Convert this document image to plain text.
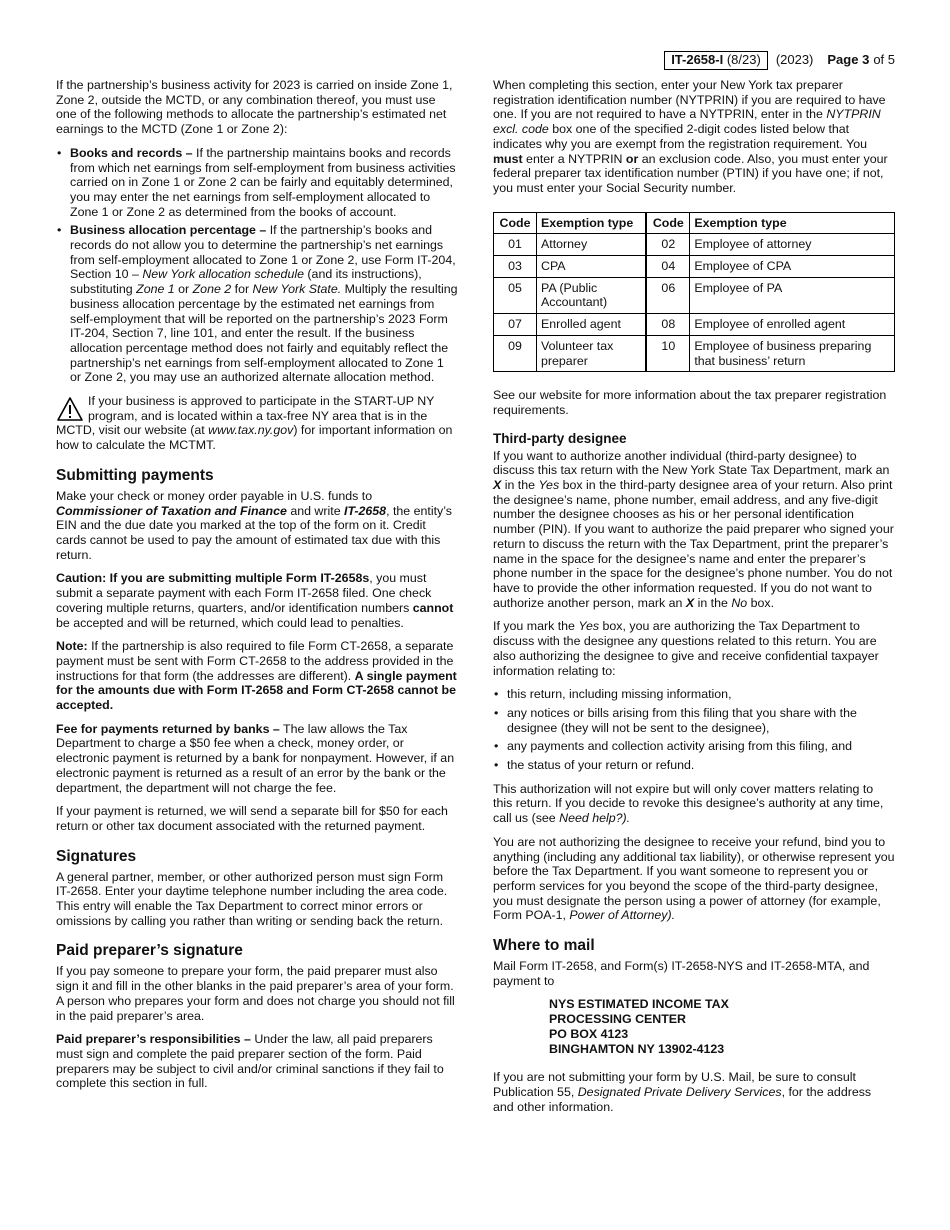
IT-2658-I (8/23)	(2023) Page 3 of 5

If the partnership’s business activity for 2023 is carried on inside Zone 1, Zone 2, outside the MCTD, or any combination thereof, you must use one of the following methods to allocate the partnership’s estimated net earnings to the MCTD (Zone 1 or Zone 2):

• Books and records – If the partnership maintains books and records from which net earnings from self-employment from business activities carried on in Zone 1 or Zone 2 can be fairly and equitably determined, you may enter the net earnings from self-employment allocated to Zone 1 or Zone 2 as determined from the books of account.
• Business allocation percentage – If the partnership’s books and records do not allow you to determine the partnership’s net earnings from self-employment allocated to Zone 1 or Zone 2, use Form IT-204, Section 10 – New York allocation schedule (and its instructions), substituting Zone 1 or Zone 2 for New York State. Multiply the resulting business allocation percentage by the estimated net earnings from self-employment that will be reported on the partnership’s 2023 Form IT-204, Section 7, line 101, and enter the result. If the business allocation percentage method does not fairly and equitably reflect the partnership’s net earnings from self-employment allocated to Zone 1 or Zone 2, you may use an authorized alternate allocation method.
If your business is approved to participate in the START-UP NY program, and is located within a tax-free NY area that is in the MCTD, visit our website (at www.tax.ny.gov) for important information on how to calculate the MCTMT.
Submitting payments

Make your check or money order payable in U.S. funds to Commissioner of Taxation and Finance and write IT-2658, the entity’s EIN and the due date you marked at the top of the form on it. Credit cards cannot be used to pay the amount of estimated tax due with this return.

Caution: If you are submitting multiple Form IT-2658s, you must submit a separate payment with each Form IT-2658 filed. One check covering multiple returns, quarters, and/or identification numbers cannot be accepted and will be returned, which could lead to penalties.

Note: If the partnership is also required to file Form CT-2658, a separate payment must be sent with Form CT-2658 to the address provided in the instructions for that form (the addresses are different). A single payment for the amounts due with Form IT-2658 and Form CT-2658 cannot be accepted.

Fee for payments returned by banks – The law allows the Tax Department to charge a $50 fee when a check, money order, or electronic payment is returned by a bank for nonpayment. However, if an electronic payment is returned as a result of an error by the bank or the department, the department will not charge the fee.

If your payment is returned, we will send a separate bill for $50 for each return or other tax document associated with the returned payment.

Signatures

A general partner, member, or other authorized person must sign Form IT-2658. Enter your daytime telephone number including the area code. This entry will enable the Tax Department to correct minor errors or omissions by calling you rather than writing or sending back the return.

Paid preparer’s signature

If you pay someone to prepare your form, the paid preparer must also sign it and fill in the other blanks in the paid preparer’s area of your form. A person who prepares your form and does not charge you should not fill in the paid preparer’s area.

Paid preparer’s responsibilities – Under the law, all paid preparers must sign and complete the paid preparer section of the form. Paid preparers may be subject to civil and/or criminal sanctions if they fail to complete this section in full.

When completing this section, enter your New York tax preparer registration identification number (NYTPRIN) if you are required to have one. If you are not required to have a NYTPRIN, enter in the NYTPRIN excl. code box one of the specified 2-digit codes listed below that indicates why you are exempt from the registration requirement. You must enter a NYTPRIN or an exclusion code. Also, you must enter your federal preparer tax identification number (PTIN) if you have one; if not, you must enter your Social Security number.

Code	Exemption type	Code	Exemption type
01	Attorney	02	Employee of attorney
03	CPA	04	Employee of CPA
05	PA (Public Accountant)	06	Employee of PA
07	Enrolled agent	08	Employee of enrolled agent
09	Volunteer tax preparer	10	Employee of business preparing that business’ return

See our website for more information about the tax preparer registration requirements.

Third-party designee

If you want to authorize another individual (third-party designee) to discuss this tax return with the New York State Tax Department, mark an X in the Yes box in the third-party designee area of your return. Also print the designee’s name, phone number, email address, and any five-digit number the designee chooses as his or her personal identification number (PIN). If you want to authorize the paid preparer who signed your return to discuss the return with the Tax Department, print the preparer’s name in the space for the designee’s name and enter the preparer’s phone number in the space for the designee’s phone number. You do not have to provide the other information requested. If you do not want to authorize another person, mark an X in the No box.

If you mark the Yes box, you are authorizing the Tax Department to discuss with the designee any questions related to this return. You are also authorizing the designee to give and receive confidential taxpayer information relating to:

• this return, including missing information,
• any notices or bills arising from this filing that you share with the designee (they will not be sent to the designee),
• any payments and collection activity arising from this filing, and
• the status of your return or refund.

This authorization will not expire but will only cover matters relating to this return. If you decide to revoke this designee’s authority at any time, call us (see Need help?).

You are not authorizing the designee to receive your refund, bind you to anything (including any additional tax liability), or otherwise represent you before the Tax Department. If you want someone to represent you or perform services for you beyond the scope of the third-party designee, you must designate the person using a power of attorney (for example, Form POA-1, Power of Attorney).

Where to mail

Mail Form IT-2658, and Form(s) IT-2658-NYS and IT-2658-MTA, and payment to

NYS ESTIMATED INCOME TAX
PROCESSING CENTER
PO BOX 4123
BINGHAMTON NY 13902-4123

If you are not submitting your form by U.S. Mail, be sure to consult Publication 55, Designated Private Delivery Services, for the address and other information.
